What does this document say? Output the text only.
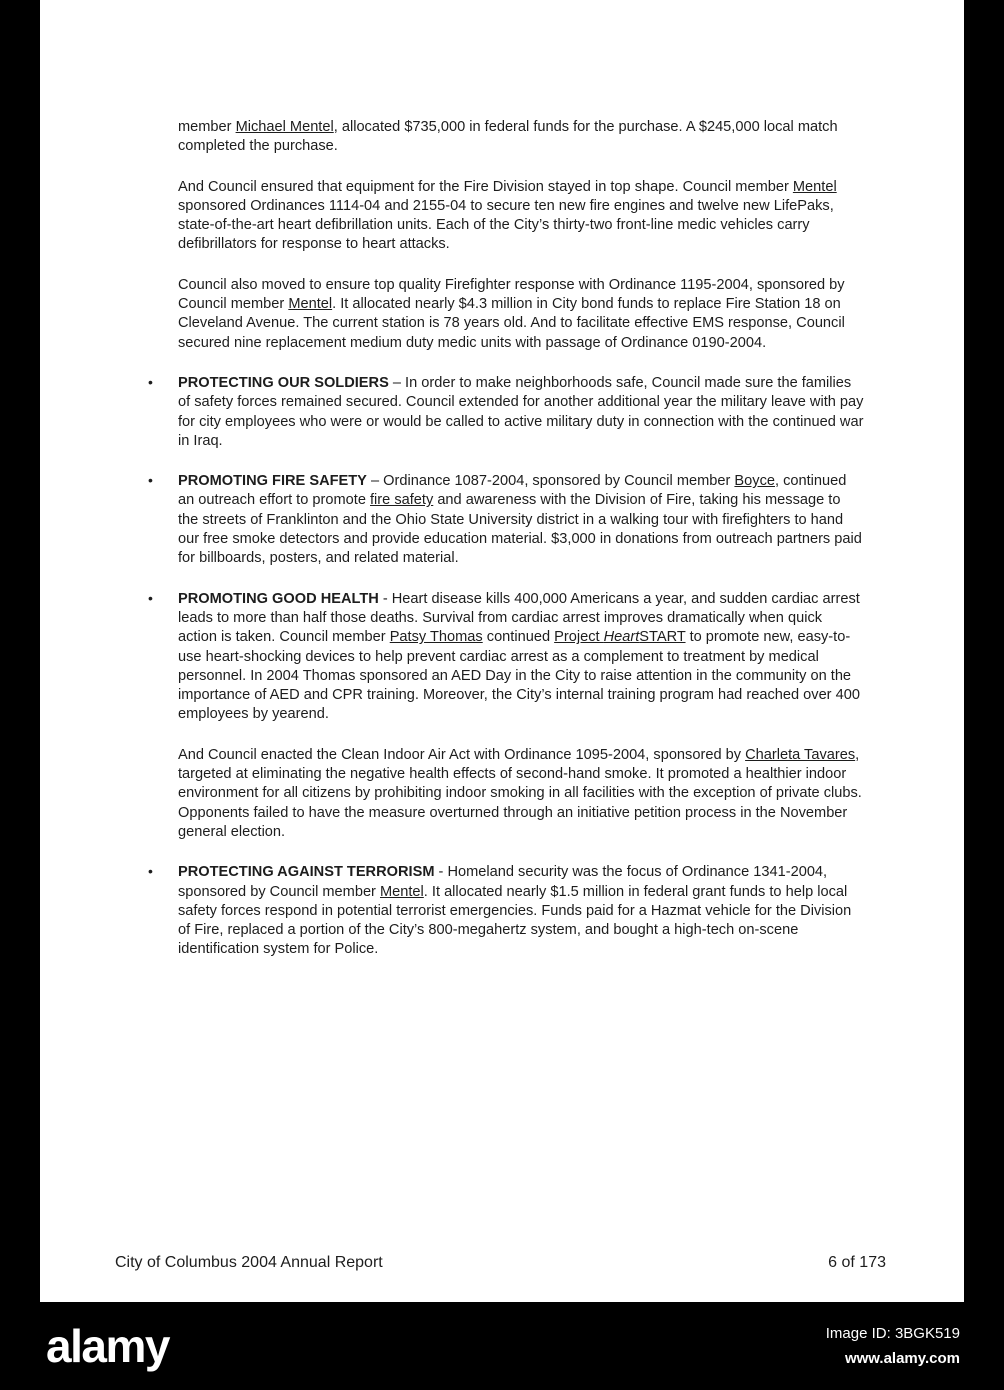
member Michael Mentel, allocated $735,000 in federal funds for the purchase. A $245,000 local match completed the purchase.
And Council ensured that equipment for the Fire Division stayed in top shape. Council member Mentel sponsored Ordinances 1114-04 and 2155-04 to secure ten new fire engines and twelve new LifePaks, state-of-the-art heart defibrillation units. Each of the City’s thirty-two front-line medic vehicles carry defibrillators for response to heart attacks.
Council also moved to ensure top quality Firefighter response with Ordinance 1195-2004, sponsored by Council member Mentel. It allocated nearly $4.3 million in City bond funds to replace Fire Station 18 on Cleveland Avenue. The current station is 78 years old. And to facilitate effective EMS response, Council secured nine replacement medium duty medic units with passage of Ordinance 0190-2004.
• PROTECTING OUR SOLDIERS – In order to make neighborhoods safe, Council made sure the families of safety forces remained secured. Council extended for another additional year the military leave with pay for city employees who were or would be called to active military duty in connection with the continued war in Iraq.
• PROMOTING FIRE SAFETY – Ordinance 1087-2004, sponsored by Council member Boyce, continued an outreach effort to promote fire safety and awareness with the Division of Fire, taking his message to the streets of Franklinton and the Ohio State University district in a walking tour with firefighters to hand our free smoke detectors and provide education material. $3,000 in donations from outreach partners paid for billboards, posters, and related material.
• PROMOTING GOOD HEALTH - Heart disease kills 400,000 Americans a year, and sudden cardiac arrest leads to more than half those deaths. Survival from cardiac arrest improves dramatically when quick action is taken. Council member Patsy Thomas continued Project HeartSTART to promote new, easy-to-use heart-shocking devices to help prevent cardiac arrest as a complement to treatment by medical personnel. In 2004 Thomas sponsored an AED Day in the City to raise attention in the community on the importance of AED and CPR training. Moreover, the City’s internal training program had reached over 400 employees by yearend.
And Council enacted the Clean Indoor Air Act with Ordinance 1095-2004, sponsored by Charleta Tavares, targeted at eliminating the negative health effects of second-hand smoke. It promoted a healthier indoor environment for all citizens by prohibiting indoor smoking in all facilities with the exception of private clubs. Opponents failed to have the measure overturned through an initiative petition process in the November general election.
• PROTECTING AGAINST TERRORISM - Homeland security was the focus of Ordinance 1341-2004, sponsored by Council member Mentel. It allocated nearly $1.5 million in federal grant funds to help local safety forces respond in potential terrorist emergencies. Funds paid for a Hazmat vehicle for the Division of Fire, replaced a portion of the City’s 800-megahertz system, and bought a high-tech on-scene identification system for Police.
City of Columbus 2004 Annual Report	6 of 173
alamy	Image ID: 3BGK519
www.alamy.com
